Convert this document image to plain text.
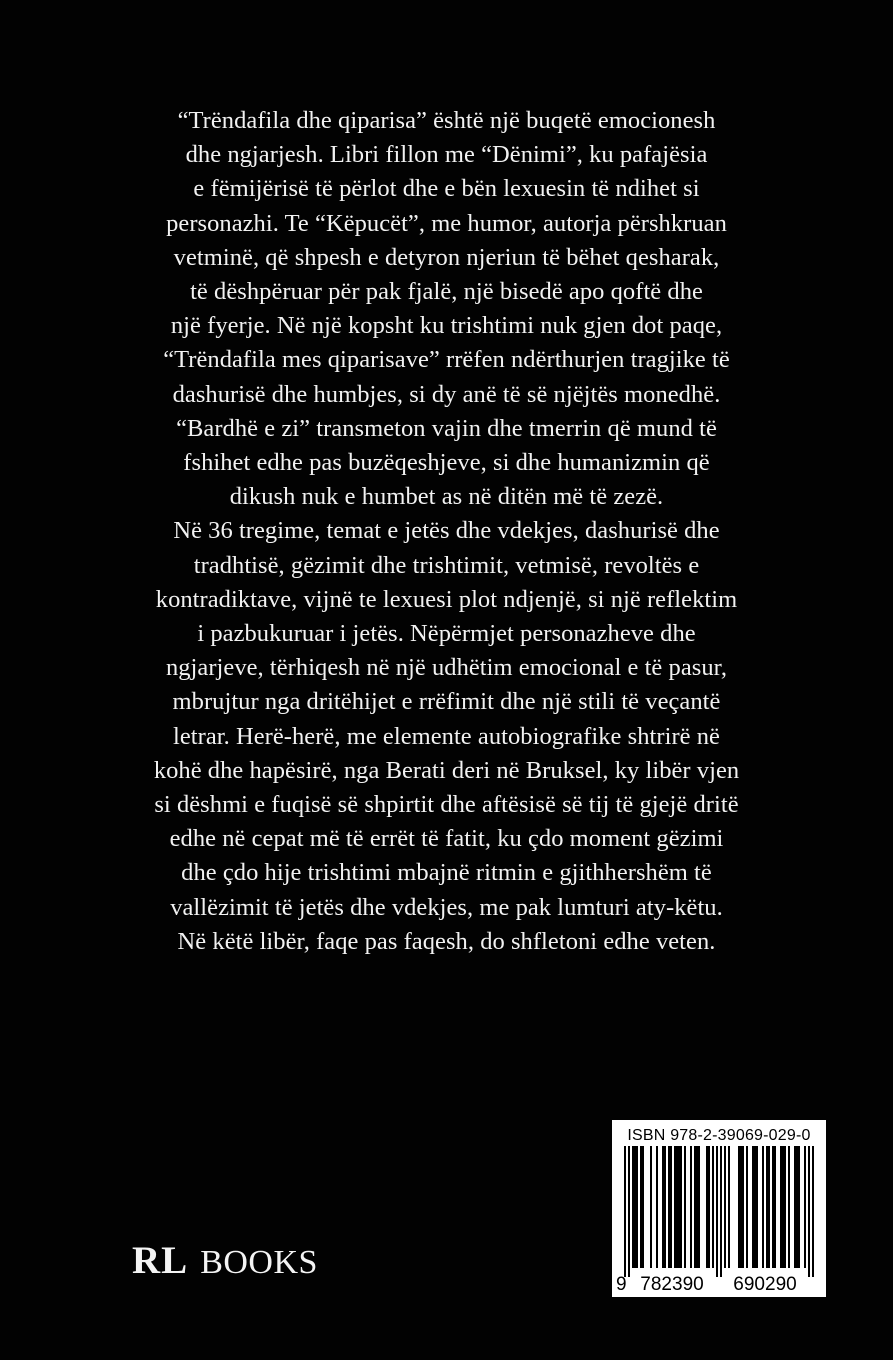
“Trëndafila dhe qiparisa” është një buqetë emocionesh
dhe ngjarjesh. Libri fillon me “Dënimi”, ku pafajësia
e fëmijërisë të përlot dhe e bën lexuesin të ndihet si
personazhi. Te “Këpucët”, me humor, autorja përshkruan
vetminë, që shpesh e detyron njeriun të bëhet qesharak,
të dëshpëruar për pak fjalë, një bisedë apo qoftë dhe
një fyerje. Në një kopsht ku trishtimi nuk gjen dot paqe,
“Trëndafila mes qiparisave” rrëfen ndërthurjen tragjike të
dashurisë dhe humbjes, si dy anë të së njëjtës monedhë.
“Bardhë e zi” transmeton vajin dhe tmerrin që mund të
fshihet edhe pas buzëqeshjeve, si dhe humanizmin që
dikush nuk e humbet as në ditën më të zezë.
Në 36 tregime, temat e jetës dhe vdekjes, dashurisë dhe
tradhtisë, gëzimit dhe trishtimit, vetmisë, revoltës e
kontradiktave, vijnë te lexuesi plot ndjenjë, si një reflektim
i pazbukuruar i jetës. Nëpërmjet personazheve dhe
ngjarjeve, tërhiqesh në një udhëtim emocional e të pasur,
mbrujtur nga dritëhijet e rrëfimit dhe një stili të veçantë
letrar. Herë-herë, me elemente autobiografike shtrirë në
kohë dhe hapësirë, nga Berati deri në Bruksel, ky libër vjen
si dëshmi e fuqisë së shpirtit dhe aftësisë së tij të gjejë dritë
edhe në cepat më të errët të fatit, ku çdo moment gëzimi
dhe çdo hije trishtimi mbajnë ritmin e gjithhershëm të
vallëzimit të jetës dhe vdekjes, me pak lumturi aty-këtu.
Në këtë libër, faqe pas faqesh, do shfletoni edhe veten.
RL BOOKS
9 782390 690290
ISBN 978-2-39069-029-0
